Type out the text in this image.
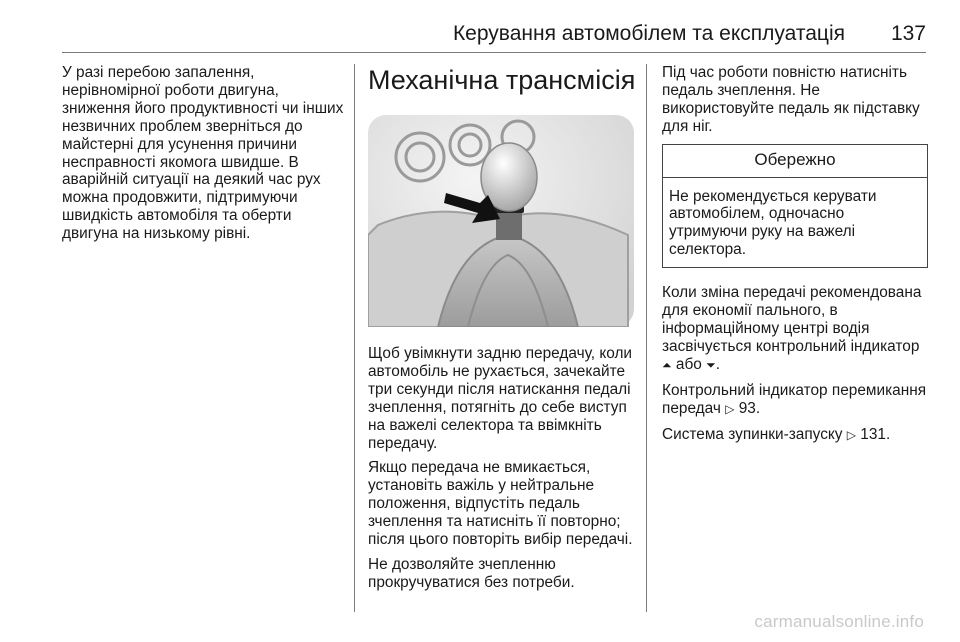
Керування автомобілем та експлуатація 137

У разі перебою запалення, нерівномірної роботи двигуна, зниження його продуктивності чи інших незвичних проблем зверніться до майстерні для усунення причини несправності якомога швидше. В аварійній ситуації на деякий час рух можна продовжити, підтримуючи швидкість автомобіля та оберти двигуна на низькому рівні.

Механічна трансмісія

Щоб увімкнути задню передачу, коли автомобіль не рухається, зачекайте три секунди після натискання педалі зчеплення, потягніть до себе виступ на важелі селектора та ввімкніть передачу.

Якщо передача не вмикається, установіть важіль у нейтральне положення, відпустіть педаль зчеплення та натисніть її повторно; після цього повторіть вибір передачі.

Не дозволяйте зчепленню прокручуватися без потреби.

Під час роботи повністю натисніть педаль зчеплення. Не використовуйте педаль як підставку для ніг.

Обережно
Не рекомендується керувати автомобілем, одночасно утримуючи руку на важелі селектора.

Коли зміна передачі рекомендована для економії пального, в інформаційному центрі водія засвічується контрольний індикатор ⏶ або ⏷.

Контрольний індикатор перемикання передач ▷ 93.

Система зупинки-запуску ▷ 131.

carmanualsonline.info
